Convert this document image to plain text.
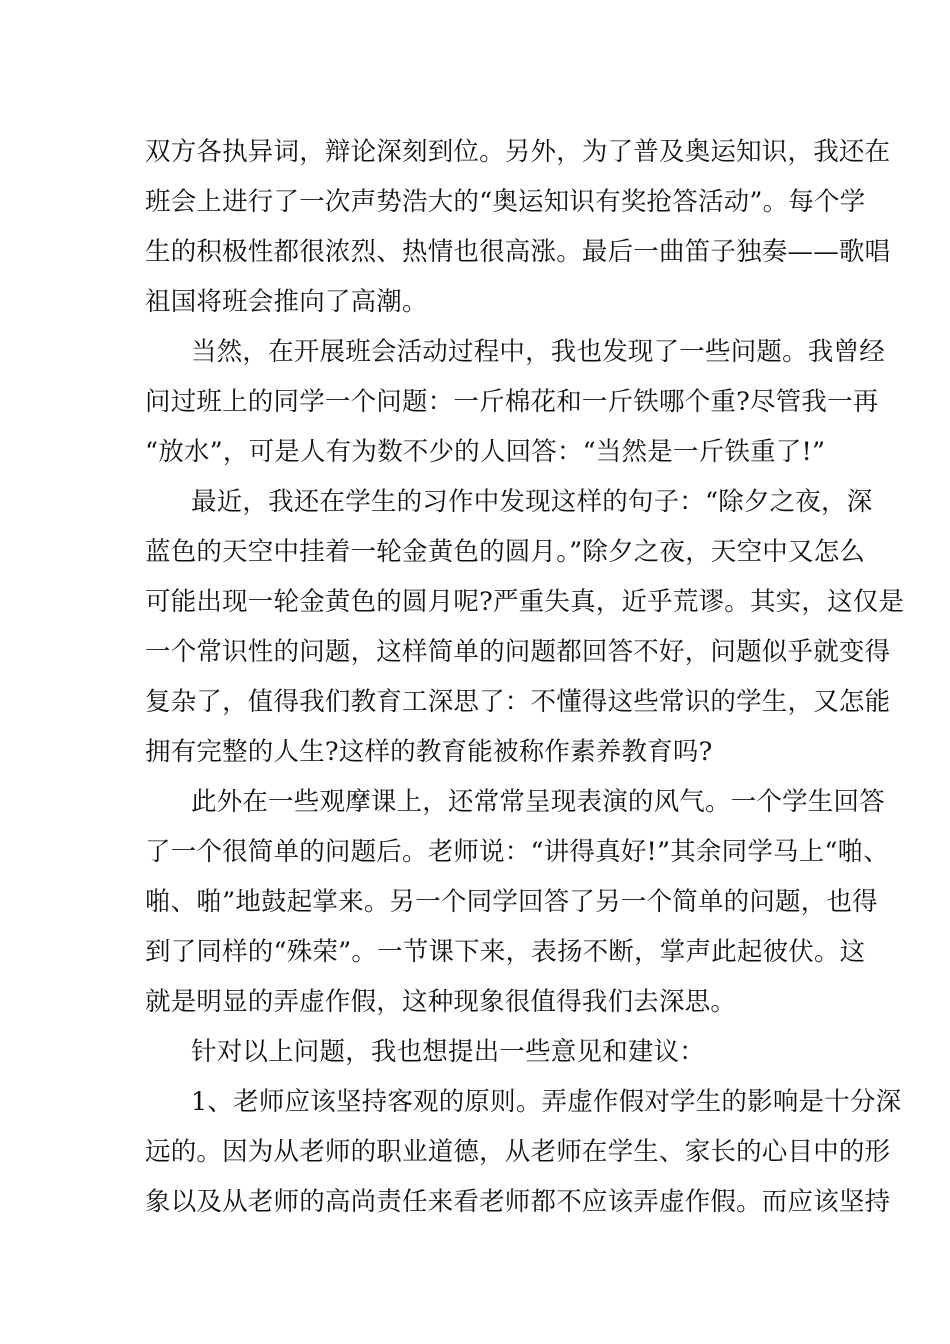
双方各执异词，辩论深刻到位。另外，为了普及奥运知识，我还在
班会上进行了一次声势浩大的“奥运知识有奖抢答活动”。每个学
生的积极性都很浓烈、热情也很高涨。最后一曲笛子独奏——歌唱
祖国将班会推向了高潮。
当然，在开展班会活动过程中，我也发现了一些问题。我曾经
问过班上的同学一个问题：一斤棉花和一斤铁哪个重?尽管我一再
“放水”，可是人有为数不少的人回答：“当然是一斤铁重了!”
最近，我还在学生的习作中发现这样的句子：“除夕之夜，深
蓝色的天空中挂着一轮金黄色的圆月。”除夕之夜，天空中又怎么
可能出现一轮金黄色的圆月呢?严重失真，近乎荒谬。其实，这仅是
一个常识性的问题，这样简单的问题都回答不好，问题似乎就变得
复杂了，值得我们教育工深思了：不懂得这些常识的学生，又怎能
拥有完整的人生?这样的教育能被称作素养教育吗?
此外在一些观摩课上，还常常呈现表演的风气。一个学生回答
了一个很简单的问题后。老师说：“讲得真好!”其余同学马上“啪、
啪、啪”地鼓起掌来。另一个同学回答了另一个简单的问题，也得
到了同样的“殊荣”。一节课下来，表扬不断，掌声此起彼伏。这
就是明显的弄虚作假，这种现象很值得我们去深思。
针对以上问题，我也想提出一些意见和建议：
1、老师应该坚持客观的原则。弄虚作假对学生的影响是十分深
远的。因为从老师的职业道德，从老师在学生、家长的心目中的形
象以及从老师的高尚责任来看老师都不应该弄虚作假。而应该坚持
